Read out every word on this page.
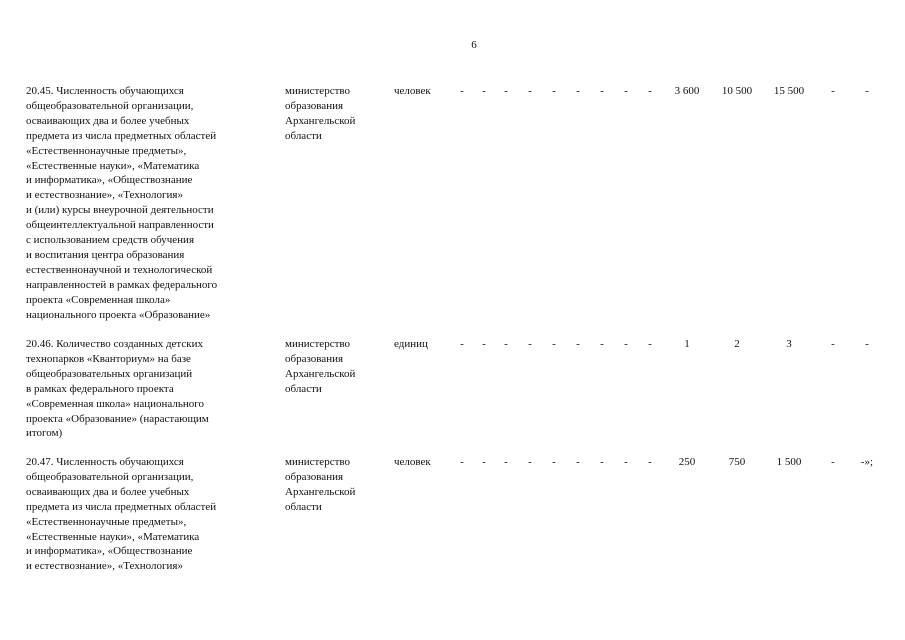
6
20.45. Численность обучающихся
общеобразовательной организации,
осваивающих два и более учебных
предмета из числа предметных областей
«Естественнонаучные предметы»,
«Естественные науки», «Математика
и информатика», «Обществознание
и естествознание», «Технология»
и (или) курсы внеурочной деятельности
общеинтеллектуальной направленности
с использованием средств обучения
и воспитания центра образования
естественнонаучной и технологической
направленностей в рамках федерального
проекта «Современная школа»
национального проекта «Образование»
министерство
образования
Архангельской
области
человек	-	-	-	-	-	-	-	-	-	3 600	10 500	15 500	-	-
20.46. Количество созданных детских
технопарков «Кванториум» на базе
общеобразовательных организаций
в рамках федерального проекта
«Современная школа» национального
проекта «Образование» (нарастающим
итогом)
министерство
образования
Архангельской
области
единиц	-	-	-	-	-	-	-	-	-	1	2	3	-	-
20.47. Численность обучающихся
общеобразовательной организации,
осваивающих два и более учебных
предмета из числа предметных областей
«Естественнонаучные предметы»,
«Естественные науки», «Математика
и информатика», «Обществознание
и естествознание», «Технология»
министерство
образования
Архангельской
области
человек	-	-	-	-	-	-	-	-	-	250	750	1 500	-	-»;
